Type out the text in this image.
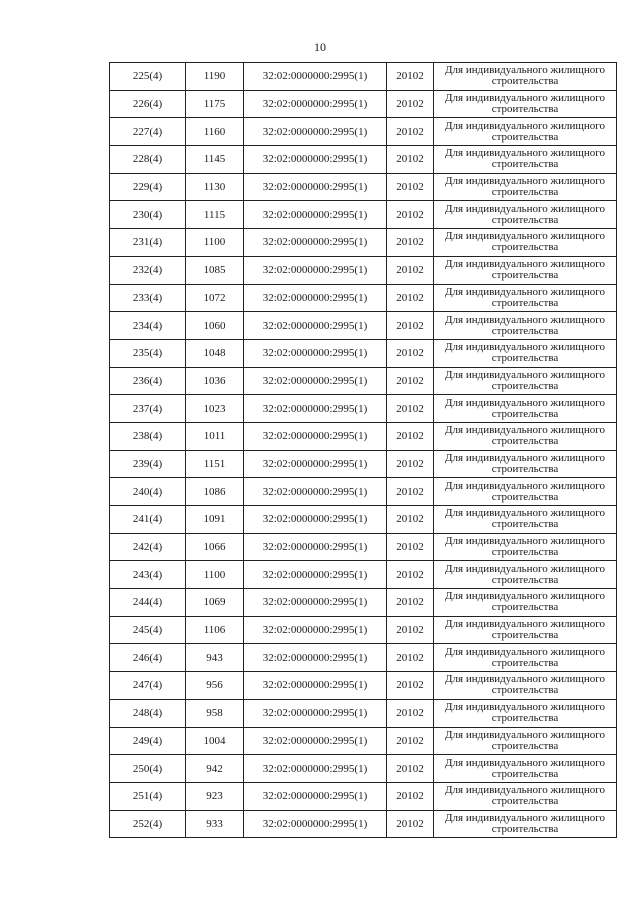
10
225(4)	1190	32:02:0000000:2995(1)	20102	Для индивидуального жилищного
строительства

226(4)	1175	32:02:0000000:2995(1)	20102	Для индивидуального жилищного
строительства

227(4)	1160	32:02:0000000:2995(1)	20102	Для индивидуального жилищного
строительства

228(4)	1145	32:02:0000000:2995(1)	20102	Для индивидуального жилищного
строительства

229(4)	1130	32:02:0000000:2995(1)	20102	Для индивидуального жилищного
строительства

230(4)	1115	32:02:0000000:2995(1)	20102	Для индивидуального жилищного
строительства

231(4)	1100	32:02:0000000:2995(1)	20102	Для индивидуального жилищного
строительства

232(4)	1085	32:02:0000000:2995(1)	20102	Для индивидуального жилищного
строительства

233(4)	1072	32:02:0000000:2995(1)	20102	Для индивидуального жилищного
строительства

234(4)	1060	32:02:0000000:2995(1)	20102	Для индивидуального жилищного
строительства

235(4)	1048	32:02:0000000:2995(1)	20102	Для индивидуального жилищного
строительства

236(4)	1036	32:02:0000000:2995(1)	20102	Для индивидуального жилищного
строительства

237(4)	1023	32:02:0000000:2995(1)	20102	Для индивидуального жилищного
строительства

238(4)	1011	32:02:0000000:2995(1)	20102	Для индивидуального жилищного
строительства

239(4)	1151	32:02:0000000:2995(1)	20102	Для индивидуального жилищного
строительства

240(4)	1086	32:02:0000000:2995(1)	20102	Для индивидуального жилищного
строительства

241(4)	1091	32:02:0000000:2995(1)	20102	Для индивидуального жилищного
строительства

242(4)	1066	32:02:0000000:2995(1)	20102	Для индивидуального жилищного
строительства

243(4)	1100	32:02:0000000:2995(1)	20102	Для индивидуального жилищного
строительства

244(4)	1069	32:02:0000000:2995(1)	20102	Для индивидуального жилищного
строительства

245(4)	1106	32:02:0000000:2995(1)	20102	Для индивидуального жилищного
строительства

246(4)	943	32:02:0000000:2995(1)	20102	Для индивидуального жилищного
строительства

247(4)	956	32:02:0000000:2995(1)	20102	Для индивидуального жилищного
строительства

248(4)	958	32:02:0000000:2995(1)	20102	Для индивидуального жилищного
строительства

249(4)	1004	32:02:0000000:2995(1)	20102	Для индивидуального жилищного
строительства

250(4)	942	32:02:0000000:2995(1)	20102	Для индивидуального жилищного
строительства

251(4)	923	32:02:0000000:2995(1)	20102	Для индивидуального жилищного
строительства

252(4)	933	32:02:0000000:2995(1)	20102	Для индивидуального жилищного
строительства
